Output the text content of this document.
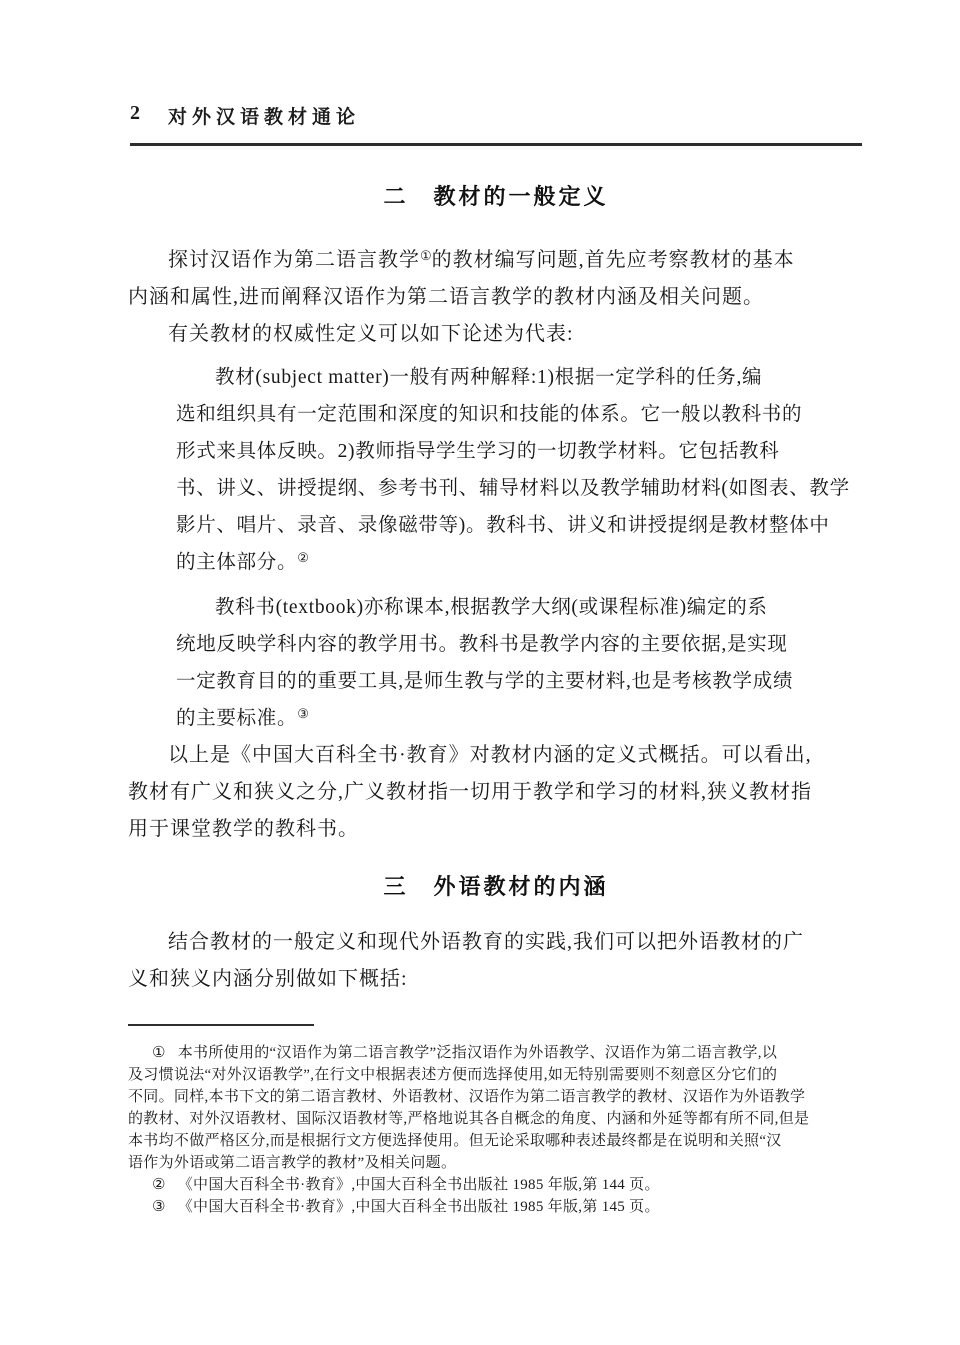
2 对外汉语教材通论
二　教材的一般定义
探讨汉语作为第二语言教学①的教材编写问题,首先应考察教材的基本
内涵和属性,进而阐释汉语作为第二语言教学的教材内涵及相关问题。
有关教材的权威性定义可以如下论述为代表:
教材(subject matter)一般有两种解释:1)根据一定学科的任务,编
选和组织具有一定范围和深度的知识和技能的体系。它一般以教科书的
形式来具体反映。2)教师指导学生学习的一切教学材料。它包括教科
书、讲义、讲授提纲、参考书刊、辅导材料以及教学辅助材料(如图表、教学
影片、唱片、录音、录像磁带等)。教科书、讲义和讲授提纲是教材整体中
的主体部分。②
教科书(textbook)亦称课本,根据教学大纲(或课程标准)编定的系
统地反映学科内容的教学用书。教科书是教学内容的主要依据,是实现
一定教育目的的重要工具,是师生教与学的主要材料,也是考核教学成绩
的主要标准。③
以上是《中国大百科全书·教育》对教材内涵的定义式概括。可以看出,
教材有广义和狭义之分,广义教材指一切用于教学和学习的材料,狭义教材指
用于课堂教学的教科书。
三　外语教材的内涵
结合教材的一般定义和现代外语教育的实践,我们可以把外语教材的广
义和狭义内涵分别做如下概括:
① 本书所使用的“汉语作为第二语言教学”泛指汉语作为外语教学、汉语作为第二语言教学,以
及习惯说法“对外汉语教学”,在行文中根据表述方便而选择使用,如无特别需要则不刻意区分它们的
不同。同样,本书下文的第二语言教材、外语教材、汉语作为第二语言教学的教材、汉语作为外语教学
的教材、对外汉语教材、国际汉语教材等,严格地说其各自概念的角度、内涵和外延等都有所不同,但是
本书均不做严格区分,而是根据行文方便选择使用。但无论采取哪种表述最终都是在说明和关照“汉
语作为外语或第二语言教学的教材”及相关问题。
② 《中国大百科全书·教育》,中国大百科全书出版社 1985 年版,第 144 页。
③ 《中国大百科全书·教育》,中国大百科全书出版社 1985 年版,第 145 页。
